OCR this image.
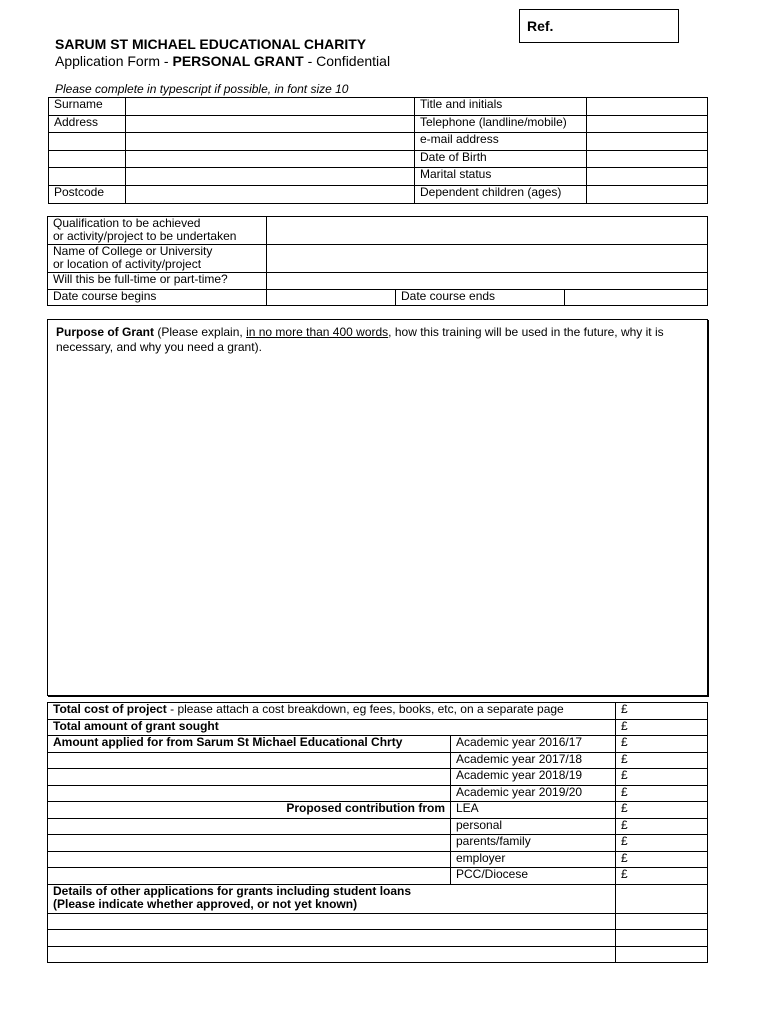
Ref.
SARUM ST MICHAEL EDUCATIONAL CHARITY
Application Form - PERSONAL GRANT - Confidential
Please complete in typescript if possible, in font size 10
Surname		Title and initials	
Address		Telephone (landline/mobile)	
		e-mail address	
		Date of Birth	
		Marital status	
Postcode		Dependent children (ages)	
Qualification to be achieved
or activity/project to be undertaken			

Name of College or University
or location of activity/project			

Will this be full-time or part-time?			
Date course begins		Date course ends	
Purpose of Grant (Please explain, in no more than 400 words, how this training will be used in the future, why it is necessary, and why you need a grant).
Total cost of project - please attach a cost breakdown, eg fees, books, etc, on a separate page		£
Total amount of grant sought		£
Amount applied for from Sarum St Michael Educational Chrty	Academic year 2016/17	£
	Academic year 2017/18	£
	Academic year 2018/19	£
	Academic year 2019/20	£
Proposed contribution from	LEA	£
	personal	£
	parents/family	£
	employer	£
	PCC/Diocese	£

Details of other applications for grants including student loans
(Please indicate whether approved, or not yet known)		
